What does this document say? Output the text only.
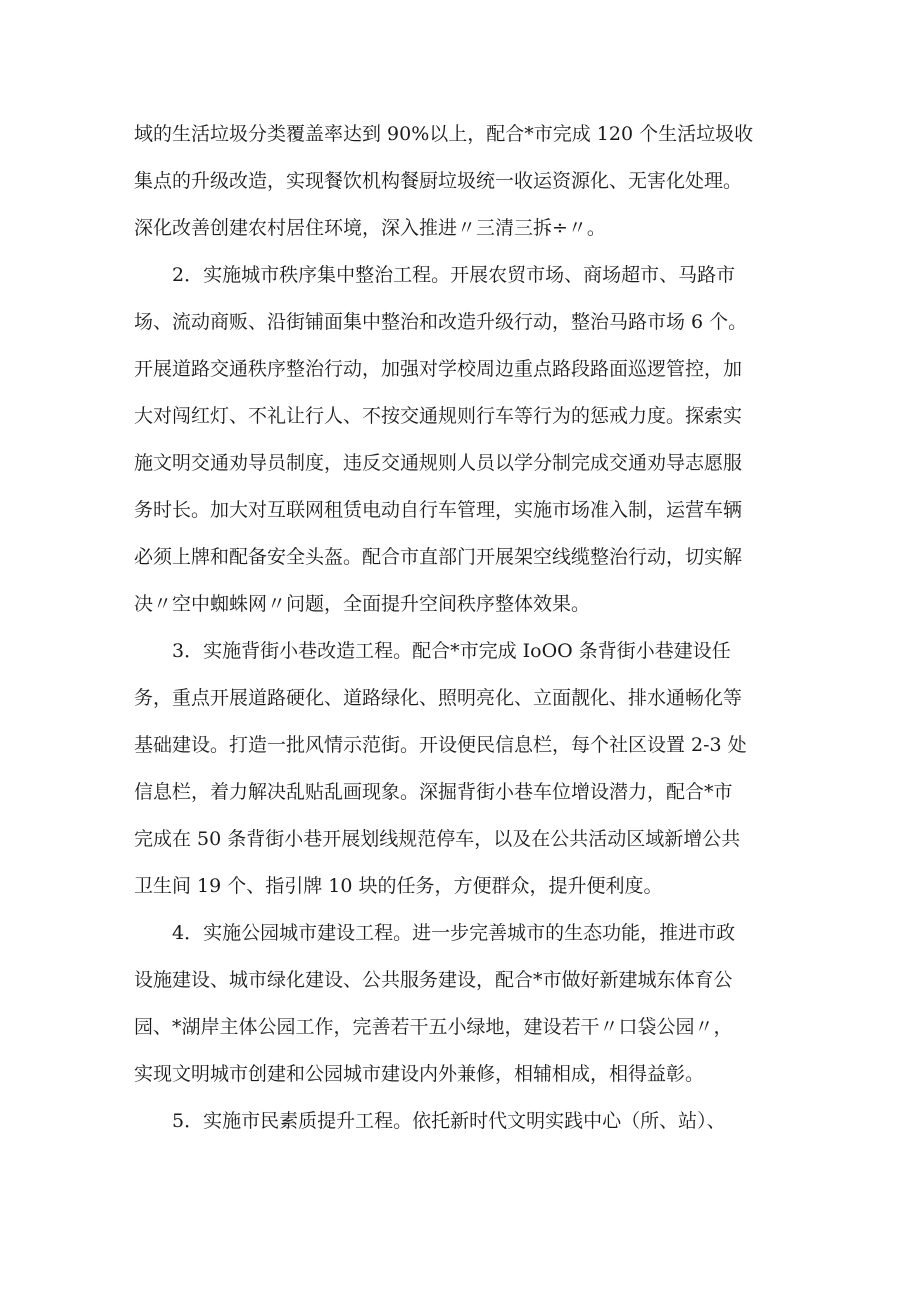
域的生活垃圾分类覆盖率达到 90%以上，配合*市完成 120 个生活垃圾收
集点的升级改造，实现餐饮机构餐厨垃圾统一收运资源化、无害化处理。
深化改善创建农村居住环境，深入推进〃三清三拆÷〃。
2．实施城市秩序集中整治工程。开展农贸市场、商场超市、马路市
场、流动商贩、沿街铺面集中整治和改造升级行动，整治马路市场 6 个。
开展道路交通秩序整治行动，加强对学校周边重点路段路面巡逻管控，加
大对闯红灯、不礼让行人、不按交通规则行车等行为的惩戒力度。探索实
施文明交通劝导员制度，违反交通规则人员以学分制完成交通劝导志愿服
务时长。加大对互联网租赁电动自行车管理，实施市场准入制，运营车辆
必须上牌和配备安全头盔。配合市直部门开展架空线缆整治行动，切实解
决〃空中蜘蛛网〃问题，全面提升空间秩序整体效果。
3．实施背街小巷改造工程。配合*市完成 IoOO 条背街小巷建设任
务，重点开展道路硬化、道路绿化、照明亮化、立面靓化、排水通畅化等
基础建设。打造一批风情示范街。开设便民信息栏，每个社区设置 2-3 处
信息栏，着力解决乱贴乱画现象。深掘背街小巷车位增设潜力，配合*市
完成在 50 条背街小巷开展划线规范停车，以及在公共活动区域新增公共
卫生间 19 个、指引牌 10 块的任务，方便群众，提升便利度。
4．实施公园城市建设工程。进一步完善城市的生态功能，推进市政
设施建设、城市绿化建设、公共服务建设，配合*市做好新建城东体育公
园、*湖岸主体公园工作，完善若干五小绿地，建设若干〃口袋公园〃，
实现文明城市创建和公园城市建设内外兼修，相辅相成，相得益彰。
5．实施市民素质提升工程。依托新时代文明实践中心（所、站）、
